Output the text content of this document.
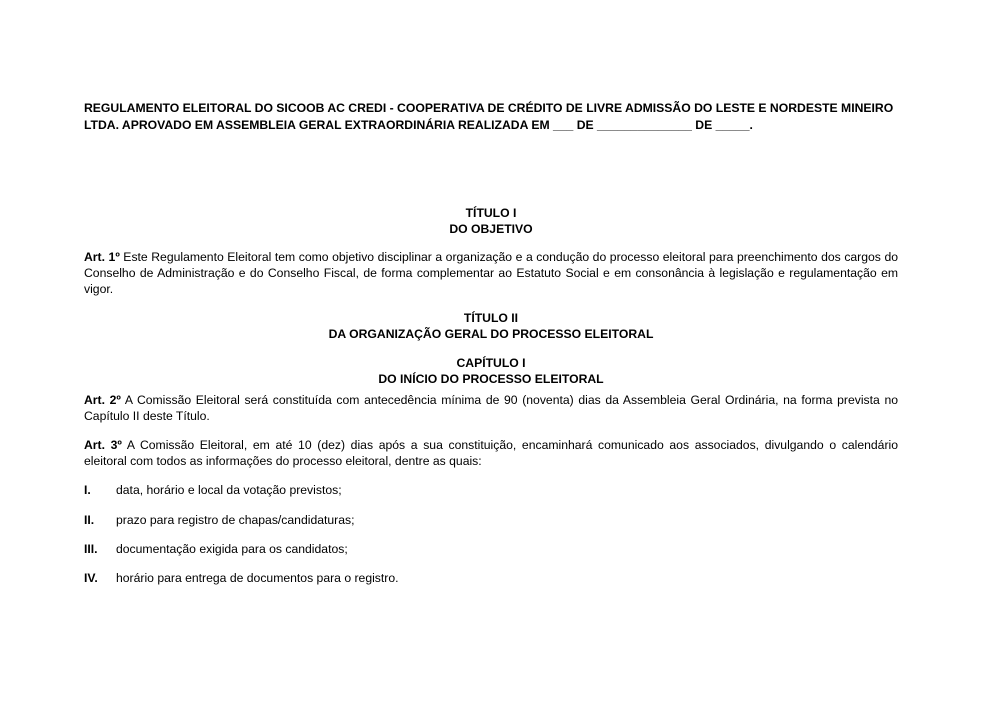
REGULAMENTO ELEITORAL DO SICOOB AC CREDI - COOPERATIVA DE CRÉDITO DE LIVRE ADMISSÃO DO LESTE E NORDESTE MINEIRO LTDA. APROVADO EM ASSEMBLEIA GERAL EXTRAORDINÁRIA REALIZADA EM ___ DE ______________ DE _____.
TÍTULO I
DO OBJETIVO
Art. 1º Este Regulamento Eleitoral tem como objetivo disciplinar a organização e a condução do processo eleitoral para preenchimento dos cargos do Conselho de Administração e do Conselho Fiscal, de forma complementar ao Estatuto Social e em consonância à legislação e regulamentação em vigor.
TÍTULO II
DA ORGANIZAÇÃO GERAL DO PROCESSO ELEITORAL
CAPÍTULO I
DO INÍCIO DO PROCESSO ELEITORAL
Art. 2º A Comissão Eleitoral será constituída com antecedência mínima de 90 (noventa) dias da Assembleia Geral Ordinária, na forma prevista no Capítulo II deste Título.
Art. 3º A Comissão Eleitoral, em até 10 (dez) dias após a sua constituição, encaminhará comunicado aos associados, divulgando o calendário eleitoral com todos as informações do processo eleitoral, dentre as quais:
I. data, horário e local da votação previstos;
II. prazo para registro de chapas/candidaturas;
III. documentação exigida para os candidatos;
IV. horário para entrega de documentos para o registro.
